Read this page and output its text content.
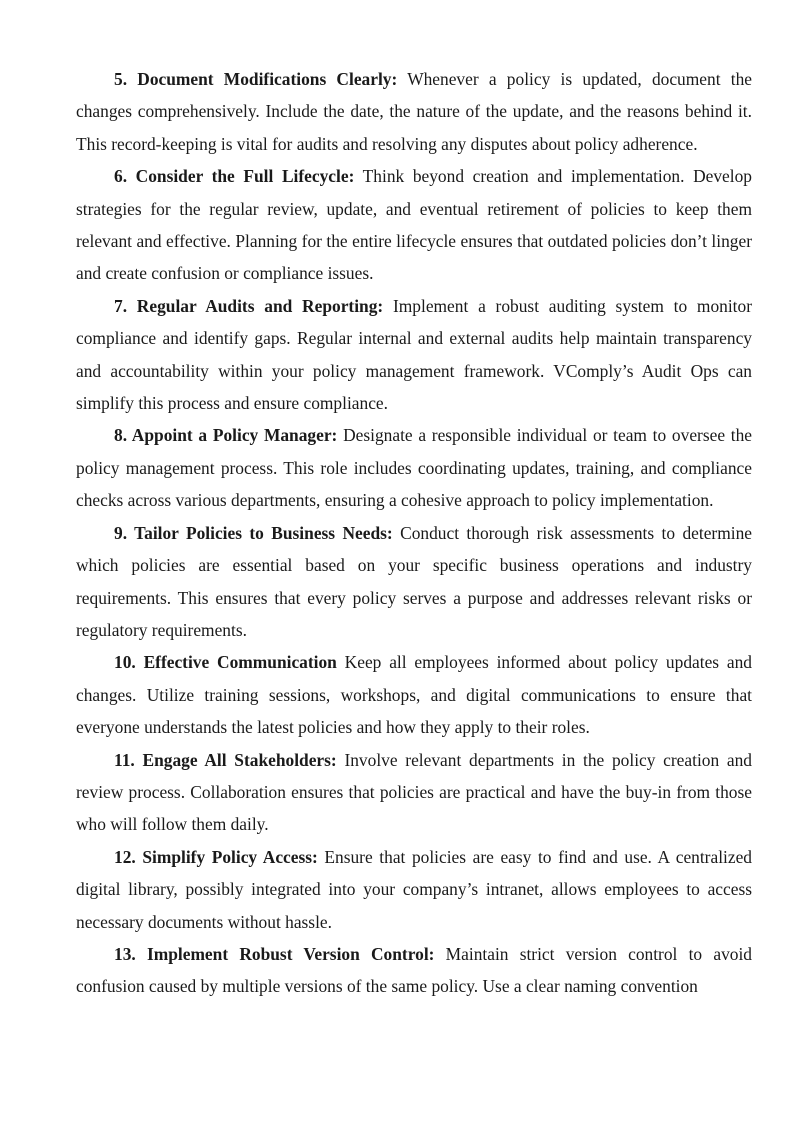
5. Document Modifications Clearly: Whenever a policy is updated, document the changes comprehensively. Include the date, the nature of the update, and the reasons behind it. This record-keeping is vital for audits and resolving any disputes about policy adherence.

6. Consider the Full Lifecycle: Think beyond creation and implementation. Develop strategies for the regular review, update, and eventual retirement of policies to keep them relevant and effective. Planning for the entire lifecycle ensures that outdated policies don’t linger and create confusion or compliance issues.

7. Regular Audits and Reporting: Implement a robust auditing system to monitor compliance and identify gaps. Regular internal and external audits help maintain transparency and accountability within your policy management framework. VComply’s Audit Ops can simplify this process and ensure compliance.

8. Appoint a Policy Manager: Designate a responsible individual or team to oversee the policy management process. This role includes coordinating updates, training, and compliance checks across various departments, ensuring a cohesive approach to policy implementation.

9. Tailor Policies to Business Needs: Conduct thorough risk assessments to determine which policies are essential based on your specific business operations and industry requirements. This ensures that every policy serves a purpose and addresses relevant risks or regulatory requirements.

10. Effective Communication Keep all employees informed about policy updates and changes. Utilize training sessions, workshops, and digital communications to ensure that everyone understands the latest policies and how they apply to their roles.

11. Engage All Stakeholders: Involve relevant departments in the policy creation and review process. Collaboration ensures that policies are practical and have the buy-in from those who will follow them daily.

12. Simplify Policy Access: Ensure that policies are easy to find and use. A centralized digital library, possibly integrated into your company’s intranet, allows employees to access necessary documents without hassle.

13. Implement Robust Version Control: Maintain strict version control to avoid confusion caused by multiple versions of the same policy. Use a clear naming convention
